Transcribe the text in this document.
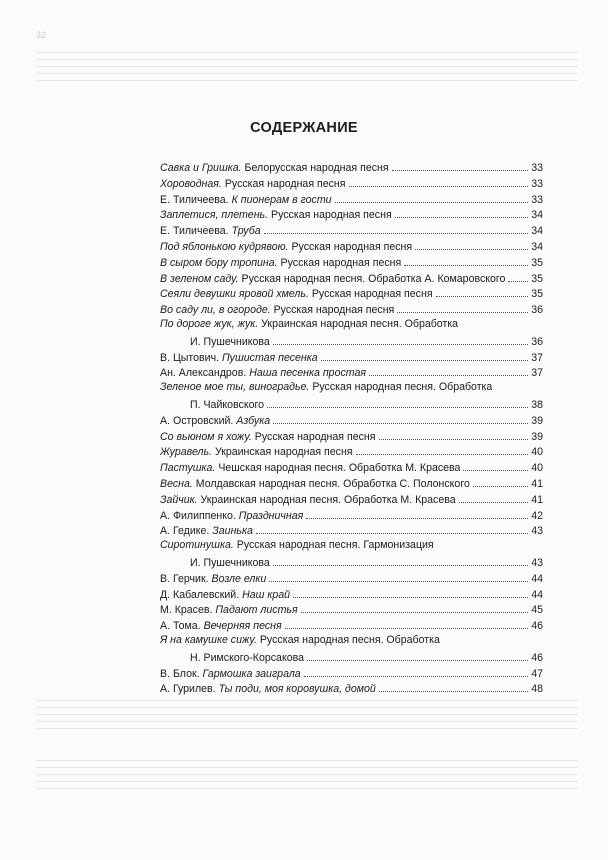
32
СОДЕРЖАНИЕ
Савка и Гришка. Белорусская народная песня	33
Хороводная. Русская народная песня	33
Е. Тиличеева. К пионерам в гости	33
Заплетися, плетень. Русская народная песня	34
Е. Тиличеева. Труба	34
Под яблонькою кудрявою. Русская народная песня	34
В сыром бору тропина. Русская народная песня	35
В зеленом саду. Русская народная песня. Обработка А. Комаровского 35
Сеяли девушки яровой хмель. Русская народная песня	35
Во саду ли, в огороде. Русская народная песня	36
По дороге жук, жук. Украинская народная песня. Обработка
И. Пушечникова	36
В. Цытович. Пушистая песенка	37
Ан. Александров. Наша песенка простая	37
Зеленое мое ты, виноградье. Русская народная песня. Обработка
П. Чайковского	38
А. Островский. Азбука	39
Со вьюном я хожу. Русская народная песня	39
Журавель. Украинская народная песня	40
Пастушка. Чешская народная песня. Обработка М. Красева	40
Весна. Молдавская народная песня. Обработка С. Полонского	41
Зайчик. Украинская народная песня. Обработка М. Красева	41
А. Филиппенко. Праздничная	42
А. Гедике. Заинька	43
Сиротинушка. Русская народная песня. Гармонизация
И. Пушечникова	43
В. Герчик. Возле елки	44
Д. Кабалевский. Наш край	44
М. Красев. Падают листья	45
А. Тома. Вечерняя песня	46
Я на камушке сижу. Русская народная песня. Обработка
Н. Римского-Корсакова	46
В. Блок. Гармошка заиграла	47
А. Гурилев. Ты поди, моя коровушка, домой	48
